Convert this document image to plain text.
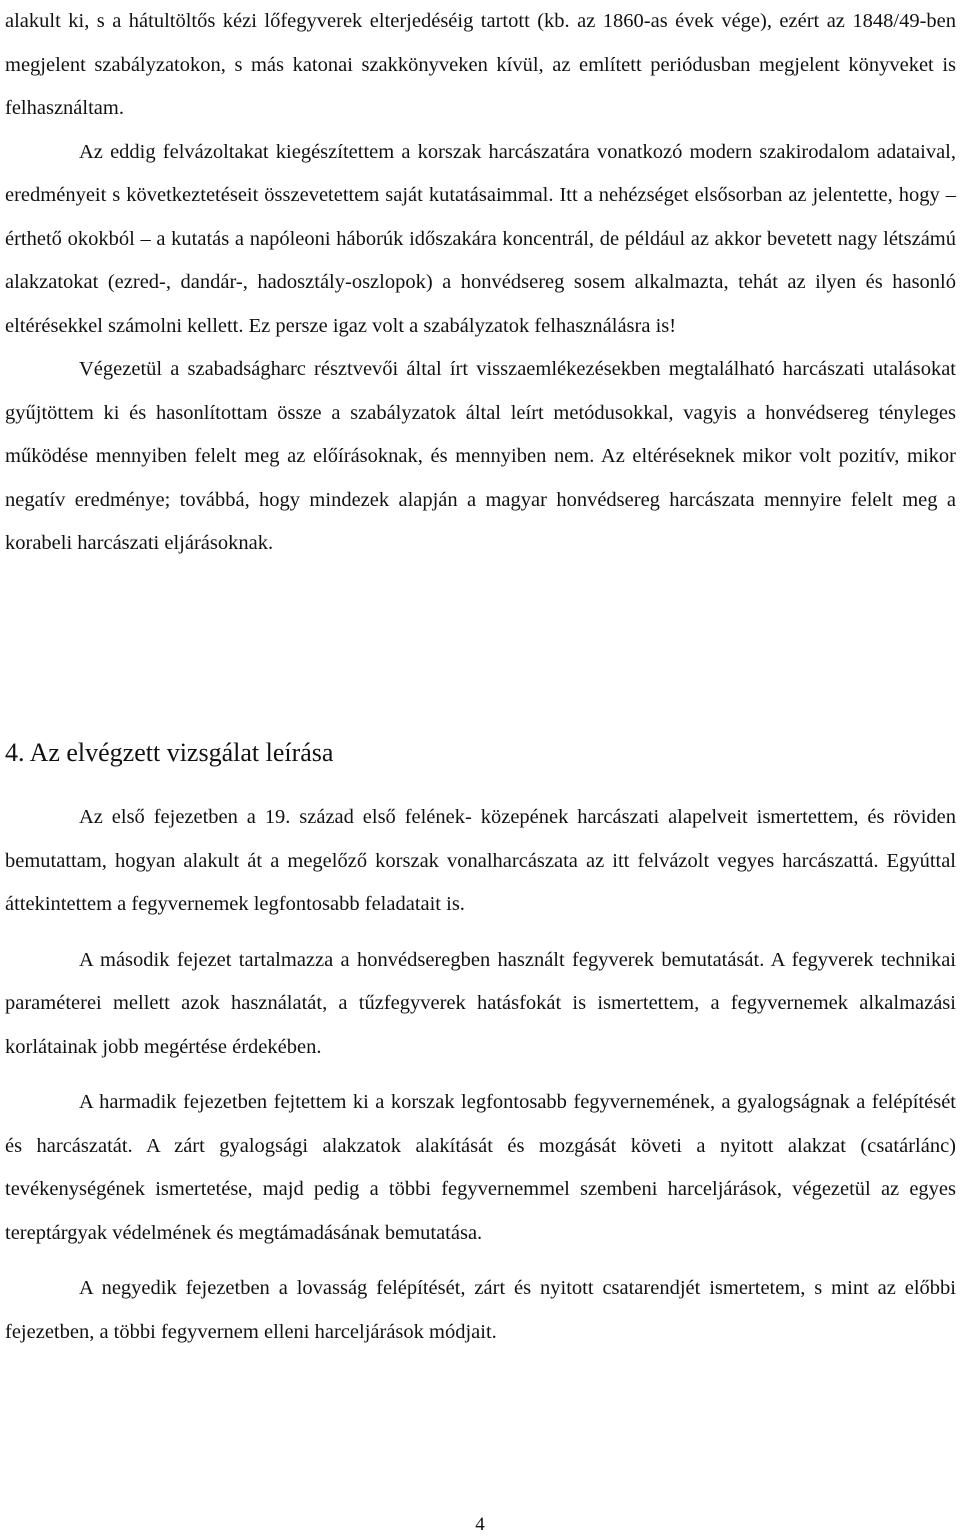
alakult ki, s a hátultöltős kézi lőfegyverek elterjedéséig tartott (kb. az 1860-as évek vége), ezért az 1848/49-ben megjelent szabályzatokon, s más katonai szakkönyveken kívül, az említett periódusban megjelent könyveket is felhasználtam.

Az eddig felvázoltakat kiegészítettem a korszak harcászatára vonatkozó modern szakirodalom adataival, eredményeit s következtetéseit összevetettem saját kutatásaimmal. Itt a nehézséget elsősorban az jelentette, hogy – érthető okokból – a kutatás a napóleoni háborúk időszakára koncentrál, de például az akkor bevetett nagy létszámú alakzatokat (ezred-, dandár-, hadosztály-oszlopok) a honvédsereg sosem alkalmazta, tehát az ilyen és hasonló eltérésekkel számolni kellett. Ez persze igaz volt a szabályzatok felhasználásra is!

Végezetül a szabadságharc résztvevői által írt visszaemlékezésekben megtalálható harcászati utalásokat gyűjtöttem ki és hasonlítottam össze a szabályzatok által leírt metódusokkal, vagyis a honvédsereg tényleges működése mennyiben felelt meg az előírásoknak, és mennyiben nem. Az eltéréseknek mikor volt pozitív, mikor negatív eredménye; továbbá, hogy mindezek alapján a magyar honvédsereg harcászata mennyire felelt meg a korabeli harcászati eljárásoknak.

4. Az elvégzett vizsgálat leírása

Az első fejezetben a 19. század első felének- közepének harcászati alapelveit ismertettem, és röviden bemutattam, hogyan alakult át a megelőző korszak vonalharcászata az itt felvázolt vegyes harcászattá. Egyúttal áttekintettem a fegyvernemek legfontosabb feladatait is.

A második fejezet tartalmazza a honvédseregben használt fegyverek bemutatását. A fegyverek technikai paraméterei mellett azok használatát, a tűzfegyverek hatásfokát is ismertettem, a fegyvernemek alkalmazási korlátainak jobb megértése érdekében.

A harmadik fejezetben fejtettem ki a korszak legfontosabb fegyvernemének, a gyalogságnak a felépítését és harcászatát. A zárt gyalogsági alakzatok alakítását és mozgását követi a nyitott alakzat (csatárlánc) tevékenységének ismertetése, majd pedig a többi fegyvernemmel szembeni harceljárások, végezetül az egyes tereptárgyak védelmének és megtámadásának bemutatása.

A negyedik fejezetben a lovasság felépítését, zárt és nyitott csatarendjét ismertetem, s mint az előbbi fejezetben, a többi fegyvernem elleni harceljárások módjait.

4
